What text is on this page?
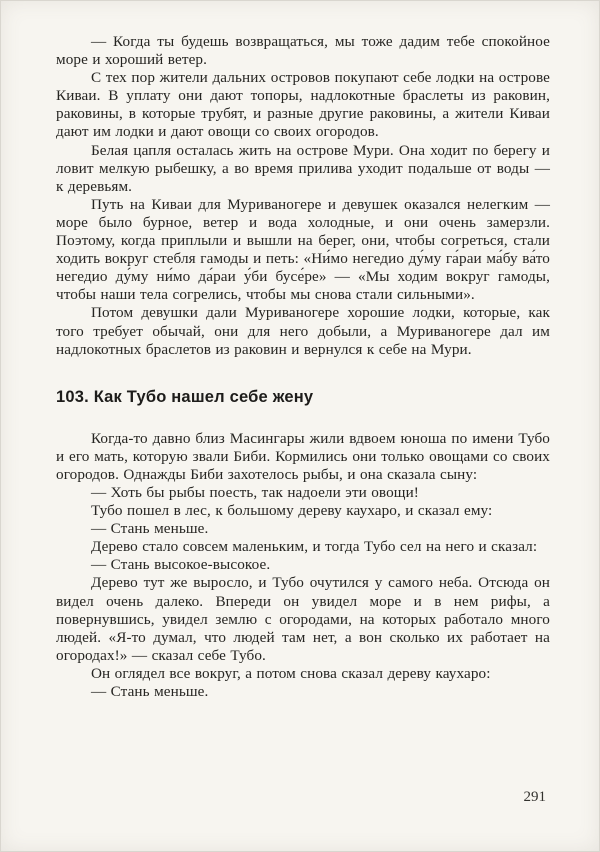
— Когда ты будешь возвращаться, мы тоже дадим тебе спокойное море и хороший ветер.

С тех пор жители дальних островов покупают себе лодки на острове Киваи. В уплату они дают топоры, надлокотные браслеты из раковин, раковины, в которые трубят, и разные другие раковины, а жители Киваи дают им лодки и дают овощи со своих огородов.

Белая цапля осталась жить на острове Мури. Она ходит по берегу и ловит мелкую рыбешку, а во время прилива уходит подальше от воды — к деревьям.

Путь на Киваи для Муриваногере и девушек оказался нелегким — море было бурное, ветер и вода холодные, и они очень замерзли. Поэтому, когда приплыли и вышли на берег, они, чтобы согреться, стали ходить вокруг стебля гамоды и петь: «Ни́мо негедио ду́му га́раи ма́бу ва́то негедио ду́му ни́мо да́раи у́би бусе́ре» — «Мы ходим вокруг гамоды, чтобы наши тела согрелись, чтобы мы снова стали сильными».

Потом девушки дали Муриваногере хорошие лодки, которые, как того требует обычай, они для него добыли, а Муриваногере дал им надлокотных браслетов из раковин и вернулся к себе на Мури.

103. Как Тубо нашел себе жену

Когда-то давно близ Масингары жили вдвоем юноша по имени Тубо и его мать, которую звали Биби. Кормились они только овощами со своих огородов. Однажды Биби захотелось рыбы, и она сказала сыну:

— Хоть бы рыбы поесть, так надоели эти овощи!

Тубо пошел в лес, к большому дереву каухаро, и сказал ему:

— Стань меньше.

Дерево стало совсем маленьким, и тогда Тубо сел на него и сказал:

— Стань высокое-высокое.

Дерево тут же выросло, и Тубо очутился у самого неба. Отсюда он видел очень далеко. Впереди он увидел море и в нем рифы, а повернувшись, увидел землю с огородами, на которых работало много людей. «Я-то думал, что людей там нет, а вон сколько их работает на огородах!» — сказал себе Тубо.

Он оглядел все вокруг, а потом снова сказал дереву каухаро:

— Стань меньше.

291
